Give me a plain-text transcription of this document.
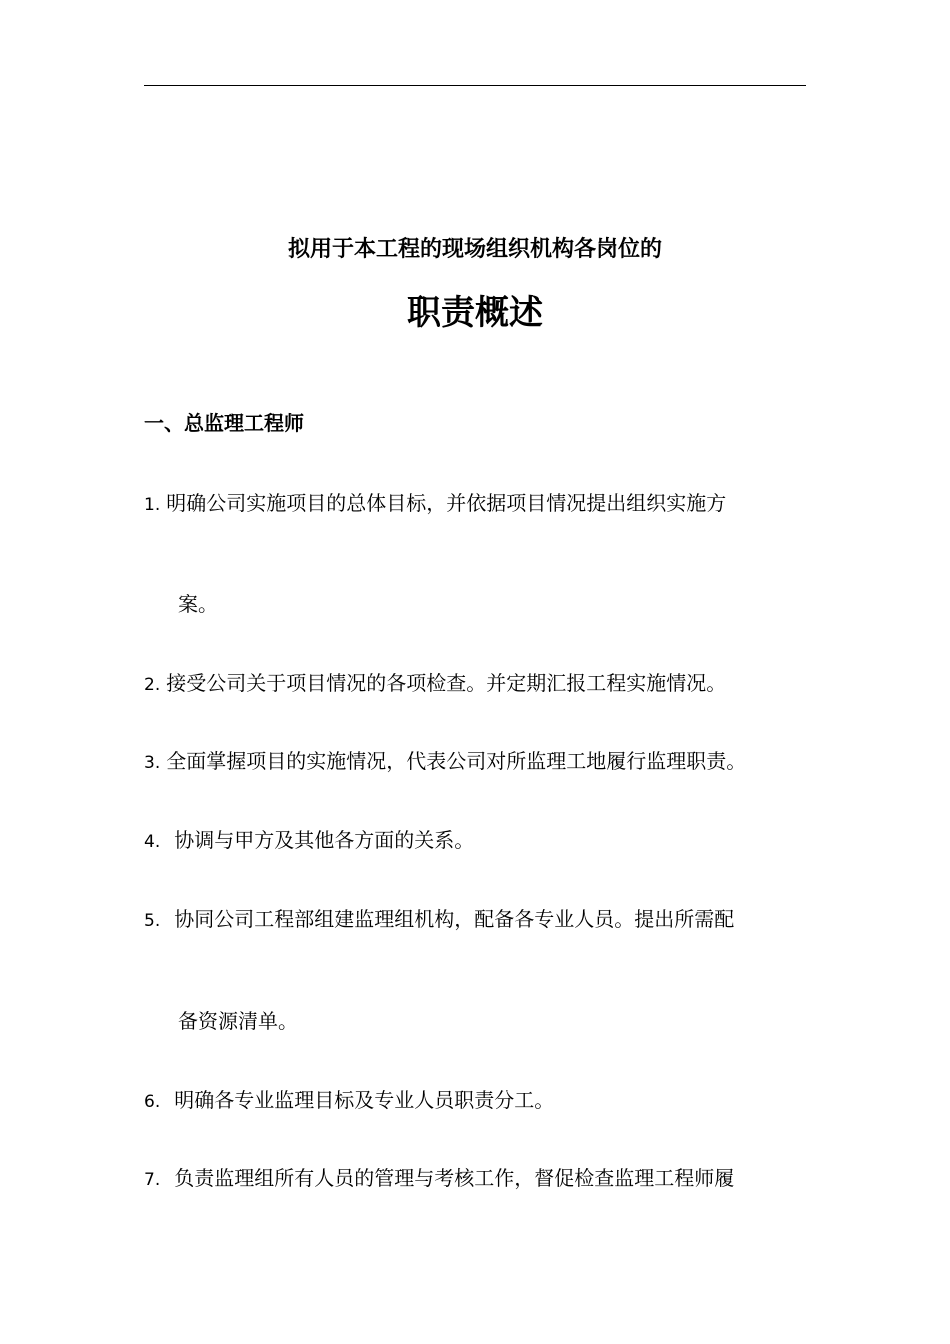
拟用于本工程的现场组织机构各岗位的
职责概述
一、总监理工程师
1. 明确公司实施项目的总体目标，并依据项目情况提出组织实施方
案。
2. 接受公司关于项目情况的各项检查。并定期汇报工程实施情况。
3. 全面掌握项目的实施情况，代表公司对所监理工地履行监理职责。
4. 协调与甲方及其他各方面的关系。
5. 协同公司工程部组建监理组机构，配备各专业人员。提出所需配
备资源清单。
6. 明确各专业监理目标及专业人员职责分工。
7. 负责监理组所有人员的管理与考核工作，督促检查监理工程师履
